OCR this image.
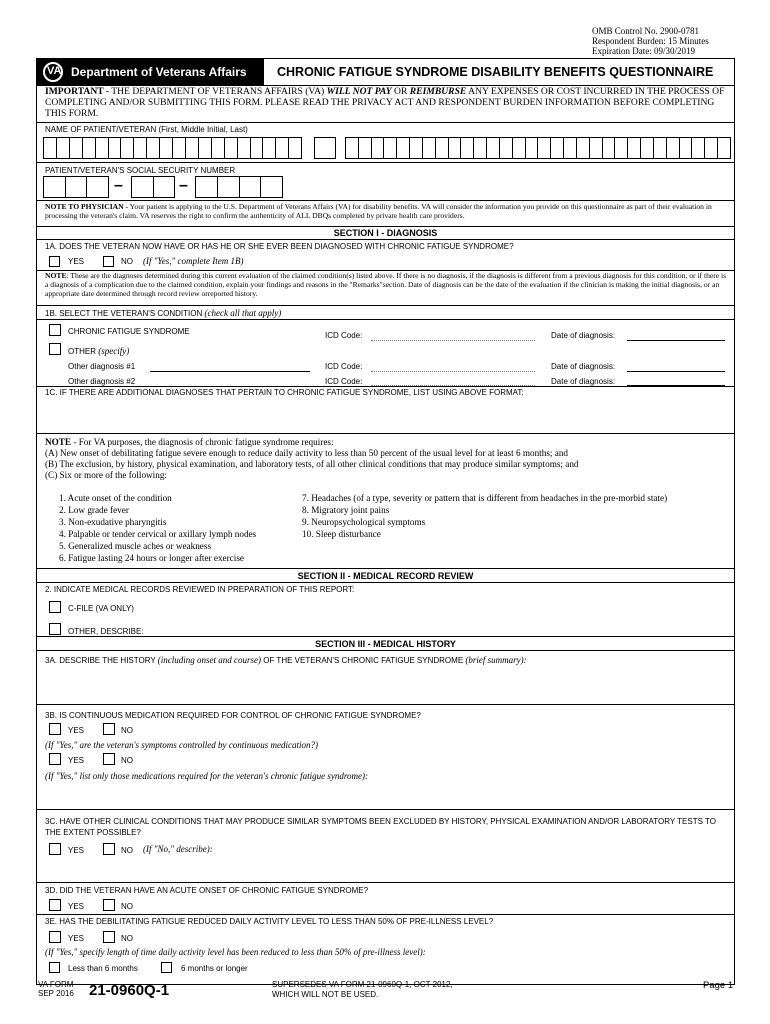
OMB Control No. 2900-0781
Respondent Burden: 15 Minutes
Expiration Date: 09/30/2019
VA Department of Veterans Affairs CHRONIC FATIGUE SYNDROME DISABILITY BENEFITS QUESTIONNAIRE
IMPORTANT - THE DEPARTMENT OF VETERANS AFFAIRS (VA) WILL NOT PAY OR REIMBURSE ANY EXPENSES OR COST INCURRED IN THE PROCESS OF COMPLETING AND/OR SUBMITTING THIS FORM. PLEASE READ THE PRIVACY ACT AND RESPONDENT BURDEN INFORMATION BEFORE COMPLETING THIS FORM.
NAME OF PATIENT/VETERAN (First, Middle Initial, Last)
PATIENT/VETERAN'S SOCIAL SECURITY NUMBER
–	–
NOTE TO PHYSICIAN - Your patient is applying to the U.S. Department of Veterans Affairs (VA) for disability benefits. VA will consider the information you provide on this questionnaire as part of their evaluation in processing the veteran's claim. VA reserves the right to confirm the authenticity of ALL DBQs completed by private health care providers.
SECTION I - DIAGNOSIS
1A. DOES THE VETERAN NOW HAVE OR HAS HE OR SHE EVER BEEN DIAGNOSED WITH CHRONIC FATIGUE SYNDROME?
YES	NO (If "Yes," complete Item 1B)
NOTE: These are the diagnoses determined during this current evaluation of the claimed condition(s) listed above. If there is no diagnosis, if the diagnosis is different from a previous diagnosis for this condition, or if there is a diagnosis of a complication due to the claimed condition, explain your findings and reasons in the "Remarks"section. Date of diagnosis can be the date of the evaluation if the clinician is making the initial diagnosis, or an appropriate date determined through record review orreported history.
1B. SELECT THE VETERAN'S CONDITION (check all that apply)
CHRONIC FATIGUE SYNDROME	ICD Code:	Date of diagnosis:
OTHER (specify)
Other diagnosis #1	ICD Code:	Date of diagnosis:
Other diagnosis #2	ICD Code:	Date of diagnosis:
1C. IF THERE ARE ADDITIONAL DIAGNOSES THAT PERTAIN TO CHRONIC FATIGUE SYNDROME, LIST USING ABOVE FORMAT:
NOTE - For VA purposes, the diagnosis of chronic fatigue syndrome requires:
(A) New onset of debilitating fatigue severe enough to reduce daily activity to less than 50 percent of the usual level for at least 6 months; and
(B) The exclusion, by history, physical examination, and laboratory tests, of all other clinical conditions that may produce similar symptoms; and
(C) Six or more of the following:
1. Acute onset of the condition
2. Low grade fever
3. Non-exudative pharyngitis
4. Palpable or tender cervical or axillary lymph nodes
5. Generalized muscle aches or weakness
6. Fatigue lasting 24 hours or longer after exercise
7. Headaches (of a type, severity or pattern that is different from headaches in the pre-morbid state)
8. Migratory joint pains
9. Neuropsychological symptoms
10. Sleep disturbance
SECTION II - MEDICAL RECORD REVIEW
2. INDICATE MEDICAL RECORDS REVIEWED IN PREPARATION OF THIS REPORT:
C-FILE (VA ONLY)
OTHER, DESCRIBE:
SECTION III - MEDICAL HISTORY
3A. DESCRIBE THE HISTORY (including onset and course) OF THE VETERAN'S CHRONIC FATIGUE SYNDROME (brief summary):
3B. IS CONTINUOUS MEDICATION REQUIRED FOR CONTROL OF CHRONIC FATIGUE SYNDROME?
YES	NO
(If "Yes," are the veteran's symptoms controlled by continuous medication?)
YES	NO
(If "Yes," list only those medications required for the veteran's chronic fatigue syndrome):
3C. HAVE OTHER CLINICAL CONDITIONS THAT MAY PRODUCE SIMILAR SYMPTOMS BEEN EXCLUDED BY HISTORY, PHYSICAL EXAMINATION AND/OR LABORATORY TESTS TO THE EXTENT POSSIBLE?
YES	NO (If "No," describe):
3D. DID THE VETERAN HAVE AN ACUTE ONSET OF CHRONIC FATIGUE SYNDROME?
YES	NO
3E. HAS THE DEBILITATING FATIGUE REDUCED DAILY ACTIVITY LEVEL TO LESS THAN 50% OF PRE-ILLNESS LEVEL?
YES	NO
(If "Yes," specify length of time daily activity level has been reduced to less than 50% of pre-illness level):
Less than 6 months	6 months or longer
VA FORM
SEP 2016 21-0960Q-1	SUPERSEDES VA FORM 21-0960Q-1, OCT 2012,
WHICH WILL NOT BE USED.
Page 1
